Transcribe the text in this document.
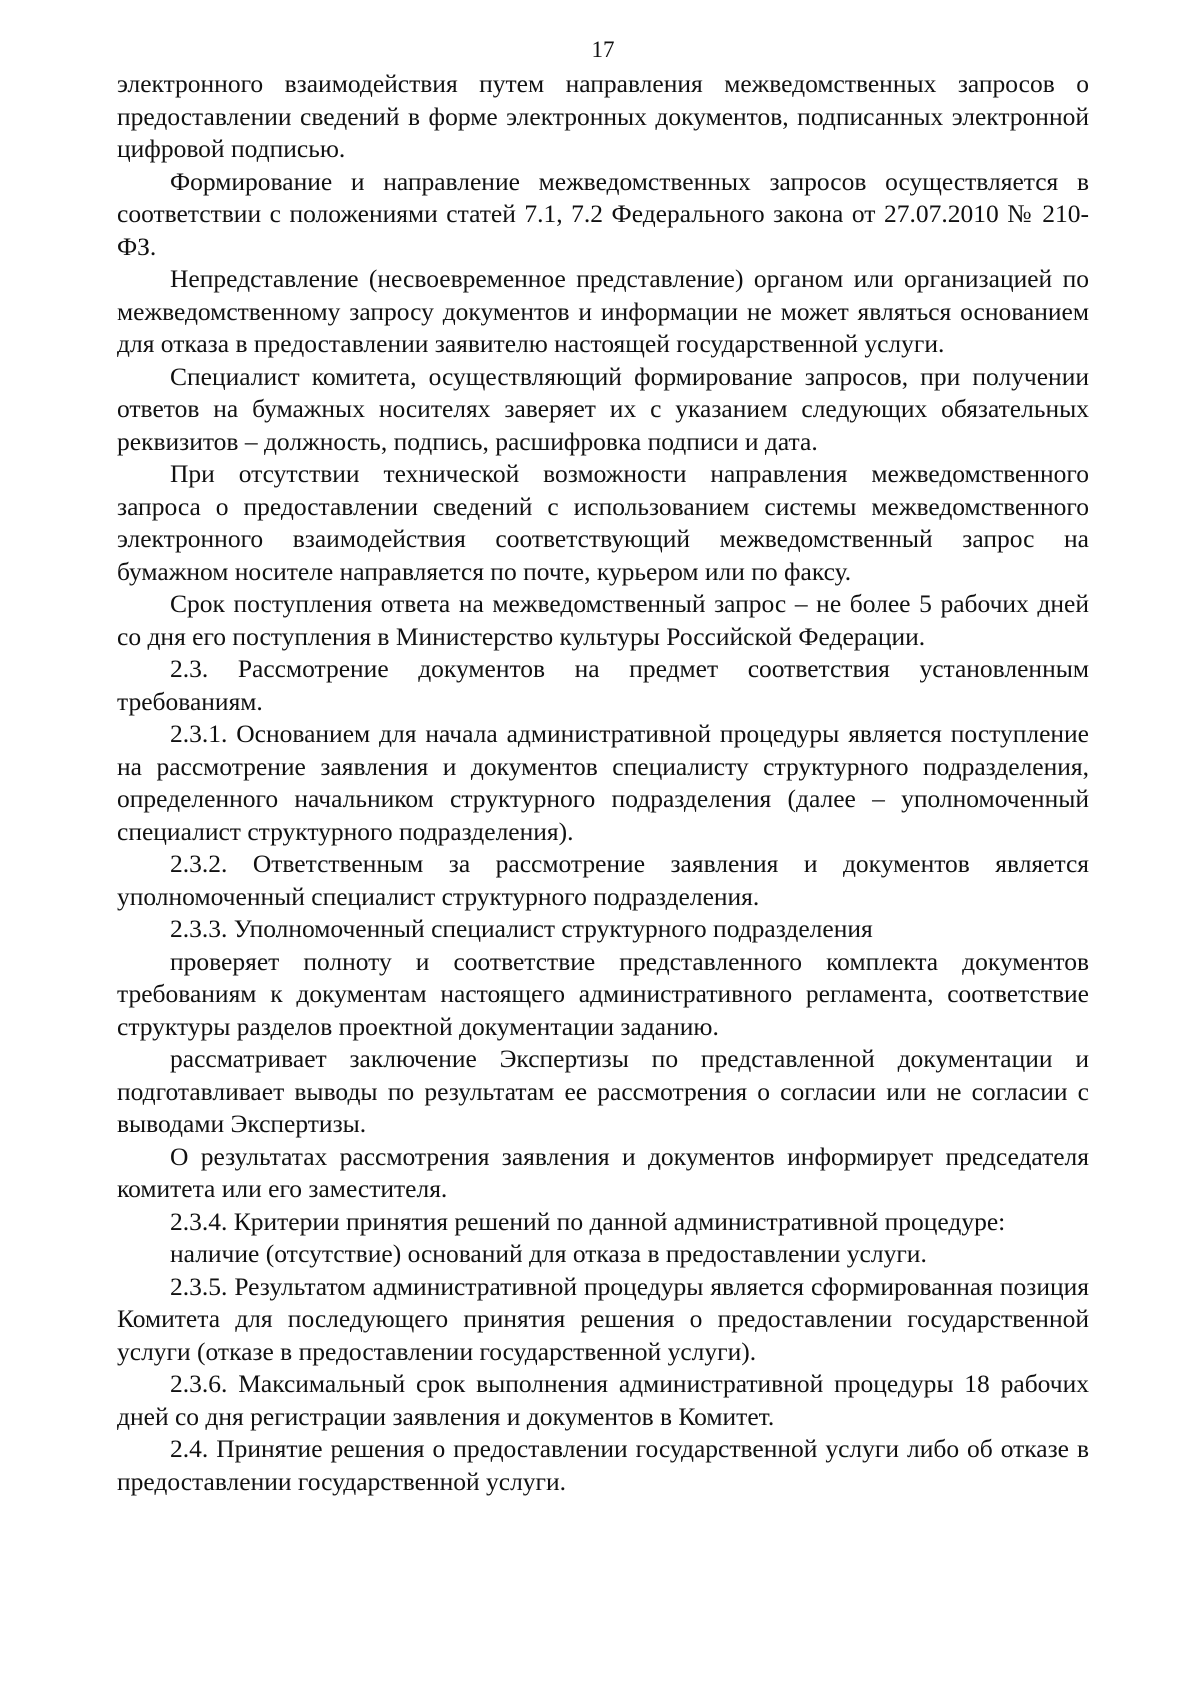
17

электронного взаимодействия путем направления межведомственных запросов о предоставлении сведений в форме электронных документов, подписанных электронной цифровой подписью.

Формирование и направление межведомственных запросов осуществляется в соответствии с положениями статей 7.1, 7.2 Федерального закона от 27.07.2010 № 210-ФЗ.

Непредставление (несвоевременное представление) органом или организацией по межведомственному запросу документов и информации не может являться основанием для отказа в предоставлении заявителю настоящей государственной услуги.

Специалист комитета, осуществляющий формирование запросов, при получении ответов на бумажных носителях заверяет их с указанием следующих обязательных реквизитов – должность, подпись, расшифровка подписи и дата.

При отсутствии технической возможности направления межведомственного запроса о предоставлении сведений с использованием системы межведомственного электронного взаимодействия соответствующий межведомственный запрос на бумажном носителе направляется по почте, курьером или по факсу.

Срок поступления ответа на межведомственный запрос – не более 5 рабочих дней со дня его поступления в Министерство культуры Российской Федерации.

2.3. Рассмотрение документов на предмет соответствия установленным требованиям.

2.3.1. Основанием для начала административной процедуры является поступление на рассмотрение заявления и документов специалисту структурного подразделения, определенного начальником структурного подразделения (далее – уполномоченный специалист структурного подразделения).

2.3.2. Ответственным за рассмотрение заявления и документов является уполномоченный специалист структурного подразделения.

2.3.3. Уполномоченный специалист структурного подразделения

проверяет полноту и соответствие представленного комплекта документов требованиям к документам настоящего административного регламента, соответствие структуры разделов проектной документации заданию.

рассматривает заключение Экспертизы по представленной документации и подготавливает выводы по результатам ее рассмотрения о согласии или не согласии с выводами Экспертизы.

О результатах рассмотрения заявления и документов информирует председателя комитета или его заместителя.

2.3.4. Критерии принятия решений по данной административной процедуре:

наличие (отсутствие) оснований для отказа в предоставлении услуги.

2.3.5. Результатом административной процедуры является сформированная позиция Комитета для последующего принятия решения о предоставлении государственной услуги (отказе в предоставлении государственной услуги).

2.3.6. Максимальный срок выполнения административной процедуры 18 рабочих дней со дня регистрации заявления и документов в Комитет.

2.4. Принятие решения о предоставлении государственной услуги либо об отказе в предоставлении государственной услуги.
